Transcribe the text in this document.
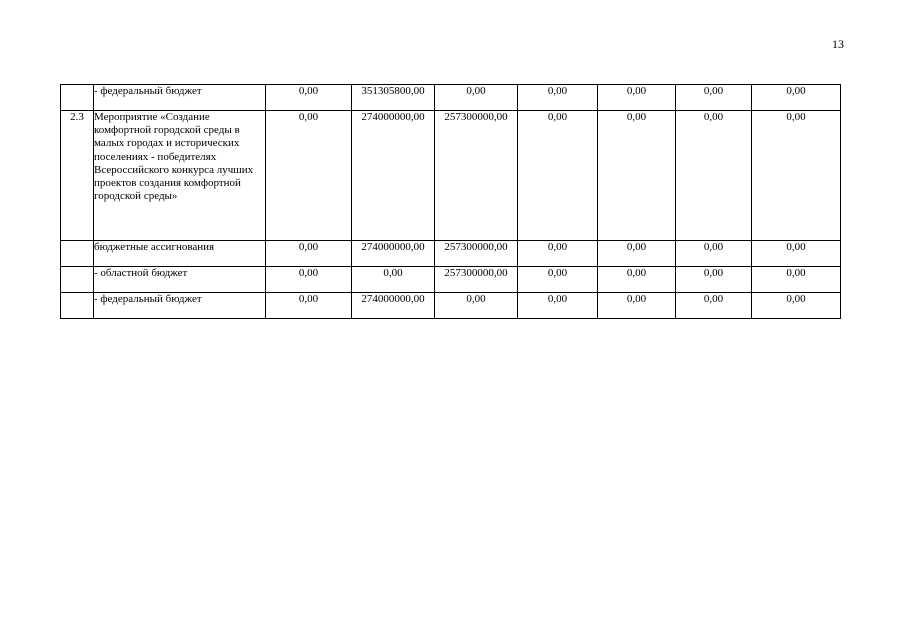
13

	- федеральный бюджет	0,00	351305800,00	0,00	0,00	0,00	0,00	0,00
2.3	Мероприятие «Создание комфортной городской среды в малых городах и исторических поселениях - победителях Всероссийского конкурса лучших проектов создания комфортной городской среды»	0,00	274000000,00	257300000,00	0,00	0,00	0,00	0,00

	бюджетные ассигнования	0,00	274000000,00	257300000,00	0,00	0,00	0,00	0,00

	- областной бюджет	0,00	0,00	257300000,00	0,00	0,00	0,00	0,00

	- федеральный бюджет	0,00	274000000,00	0,00	0,00	0,00	0,00	0,00
